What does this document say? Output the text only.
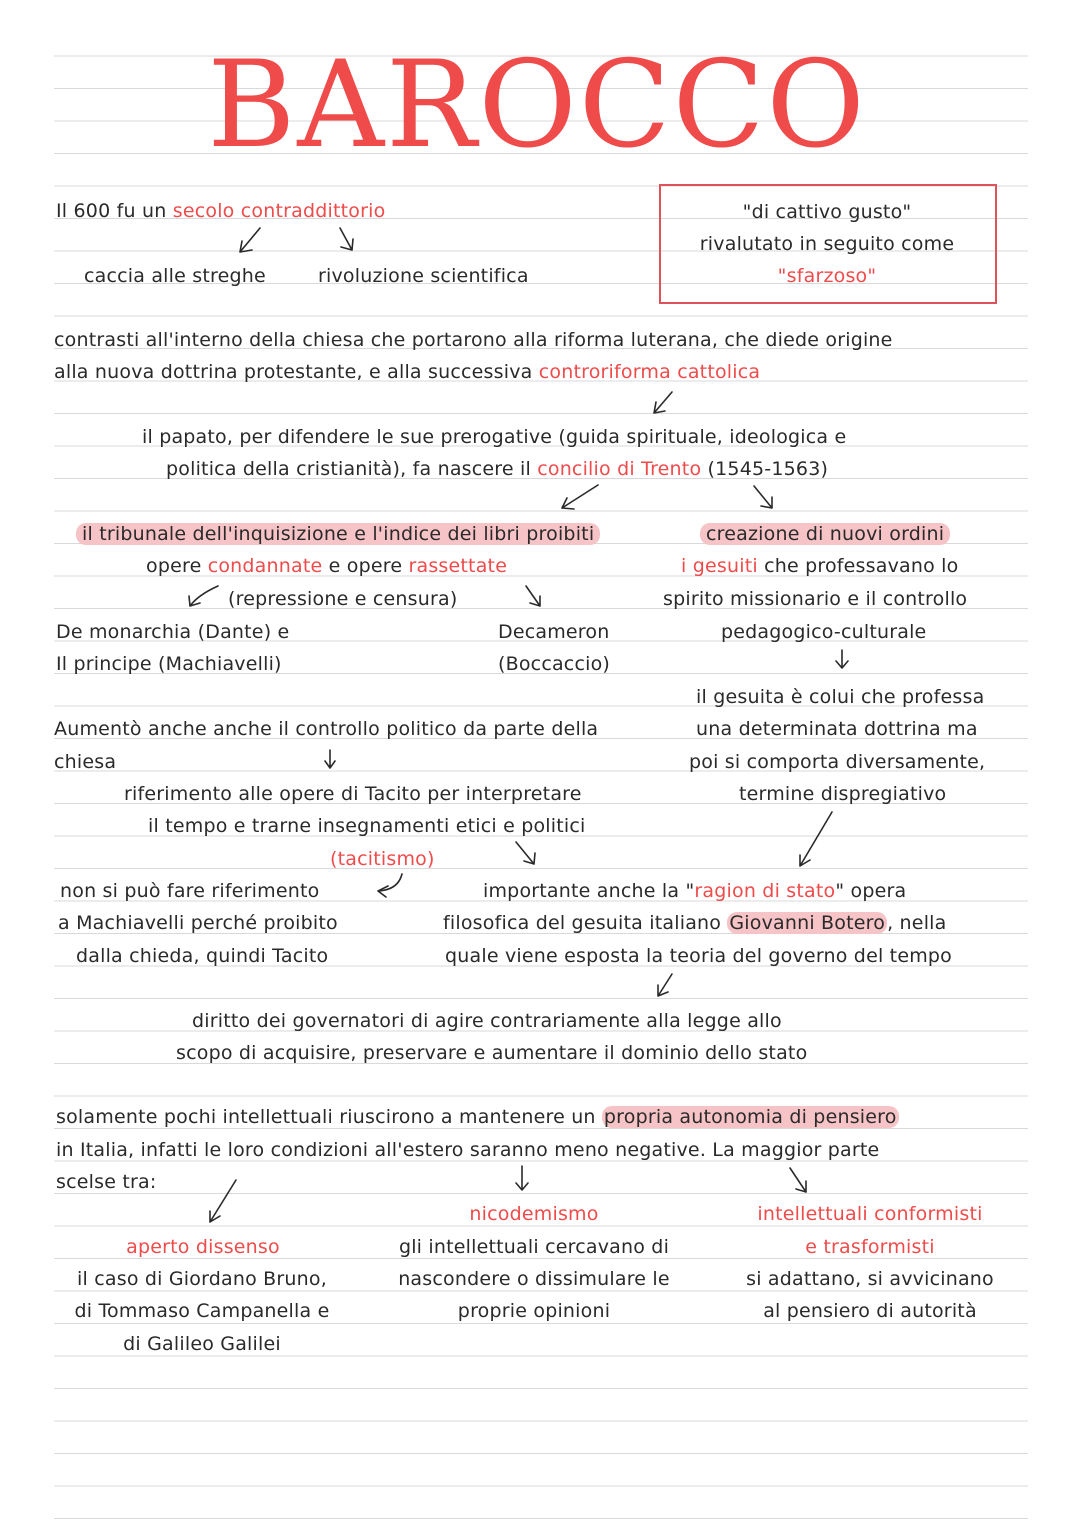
BAROCCO
Il 600 fu un secolo contraddittorio
caccia alle streghe	rivoluzione scientifica
"di cattivo gusto"
rivalutato in seguito come
"sfarzoso"
contrasti all'interno della chiesa che portarono alla riforma luterana, che diede origine
alla nuova dottrina protestante, e alla successiva controriforma cattolica
il papato, per difendere le sue prerogative (guida spirituale, ideologica e
politica della cristianità), fa nascere il concilio di Trento (1545-1563)
il tribunale dell'inquisizione e l'indice dei libri proibiti
opere condannate e opere rassettate
(repressione e censura)
De monarchia (Dante) e
Il principe (Machiavelli)
Decameron
(Boccaccio)
creazione di nuovi ordini
i gesuiti che professavano lo
spirito missionario e il controllo
pedagogico-culturale
il gesuita è colui che professa
una determinata dottrina ma
poi si comporta diversamente,
termine dispregiativo
Aumentò anche anche il controllo politico da parte della
chiesa
riferimento alle opere di Tacito per interpretare
il tempo e trarne insegnamenti etici e politici
(tacitismo)
non si può fare riferimento
a Machiavelli perché proibito
dalla chieda, quindi Tacito
importante anche la "ragion di stato" opera
filosofica del gesuita italiano Giovanni Botero , nella
quale viene esposta la teoria del governo del tempo
diritto dei governatori di agire contrariamente alla legge allo
scopo di acquisire, preservare e aumentare il dominio dello stato
solamente pochi intellettuali riuscirono a mantenere un propria autonomia di pensiero
in Italia, infatti le loro condizioni all'estero saranno meno negative. La maggior parte
scelse tra:
aperto dissenso
il caso di Giordano Bruno,
di Tommaso Campanella e
di Galileo Galilei
nicodemismo
gli intellettuali cercavano di
nascondere o dissimulare le
proprie opinioni
intellettuali conformisti
e trasformisti
si adattano, si avvicinano
al pensiero di autorità
